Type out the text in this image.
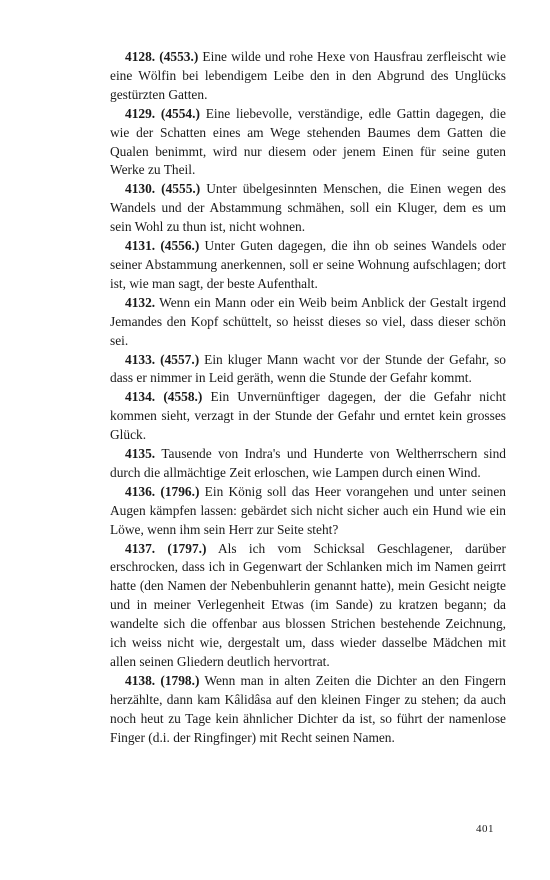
4128. (4553.) Eine wilde und rohe Hexe von Hausfrau zerfleischt wie eine Wölfin bei lebendigem Leibe den in den Abgrund des Unglücks gestürzten Gatten.

4129. (4554.) Eine liebevolle, verständige, edle Gattin dagegen, die wie der Schatten eines am Wege stehenden Baumes dem Gatten die Qualen benimmt, wird nur diesem oder jenem Einen für seine guten Werke zu Theil.

4130. (4555.) Unter übelgesinnten Menschen, die Einen wegen des Wandels und der Abstammung schmähen, soll ein Kluger, dem es um sein Wohl zu thun ist, nicht wohnen.

4131. (4556.) Unter Guten dagegen, die ihn ob seines Wandels oder seiner Abstammung anerkennen, soll er seine Wohnung aufschlagen; dort ist, wie man sagt, der beste Aufenthalt.

4132. Wenn ein Mann oder ein Weib beim Anblick der Gestalt irgend Jemandes den Kopf schüttelt, so heisst dieses so viel, dass dieser schön sei.

4133. (4557.) Ein kluger Mann wacht vor der Stunde der Gefahr, so dass er nimmer in Leid geräth, wenn die Stunde der Gefahr kommt.

4134. (4558.) Ein Unvernünftiger dagegen, der die Gefahr nicht kommen sieht, verzagt in der Stunde der Gefahr und erntet kein grosses Glück.

4135. Tausende von Indra's und Hunderte von Weltherrschern sind durch die allmächtige Zeit erloschen, wie Lampen durch einen Wind.

4136. (1796.) Ein König soll das Heer vorangehen und unter seinen Augen kämpfen lassen: gebärdet sich nicht sicher auch ein Hund wie ein Löwe, wenn ihm sein Herr zur Seite steht?

4137. (1797.) Als ich vom Schicksal Geschlagener, darüber erschrocken, dass ich in Gegenwart der Schlanken mich im Namen geirrt hatte (den Namen der Nebenbuhlerin genannt hatte), mein Gesicht neigte und in meiner Verlegenheit Etwas (im Sande) zu kratzen begann; da wandelte sich die offenbar aus blossen Strichen bestehende Zeichnung, ich weiss nicht wie, dergestalt um, dass wieder dasselbe Mädchen mit allen seinen Gliedern deutlich hervortrat.

4138. (1798.) Wenn man in alten Zeiten die Dichter an den Fingern herzählte, dann kam Kâlidâsa auf den kleinen Finger zu stehen; da auch noch heut zu Tage kein ähnlicher Dichter da ist, so führt der namenlose Finger (d.i. der Ringfinger) mit Recht seinen Namen.

401
